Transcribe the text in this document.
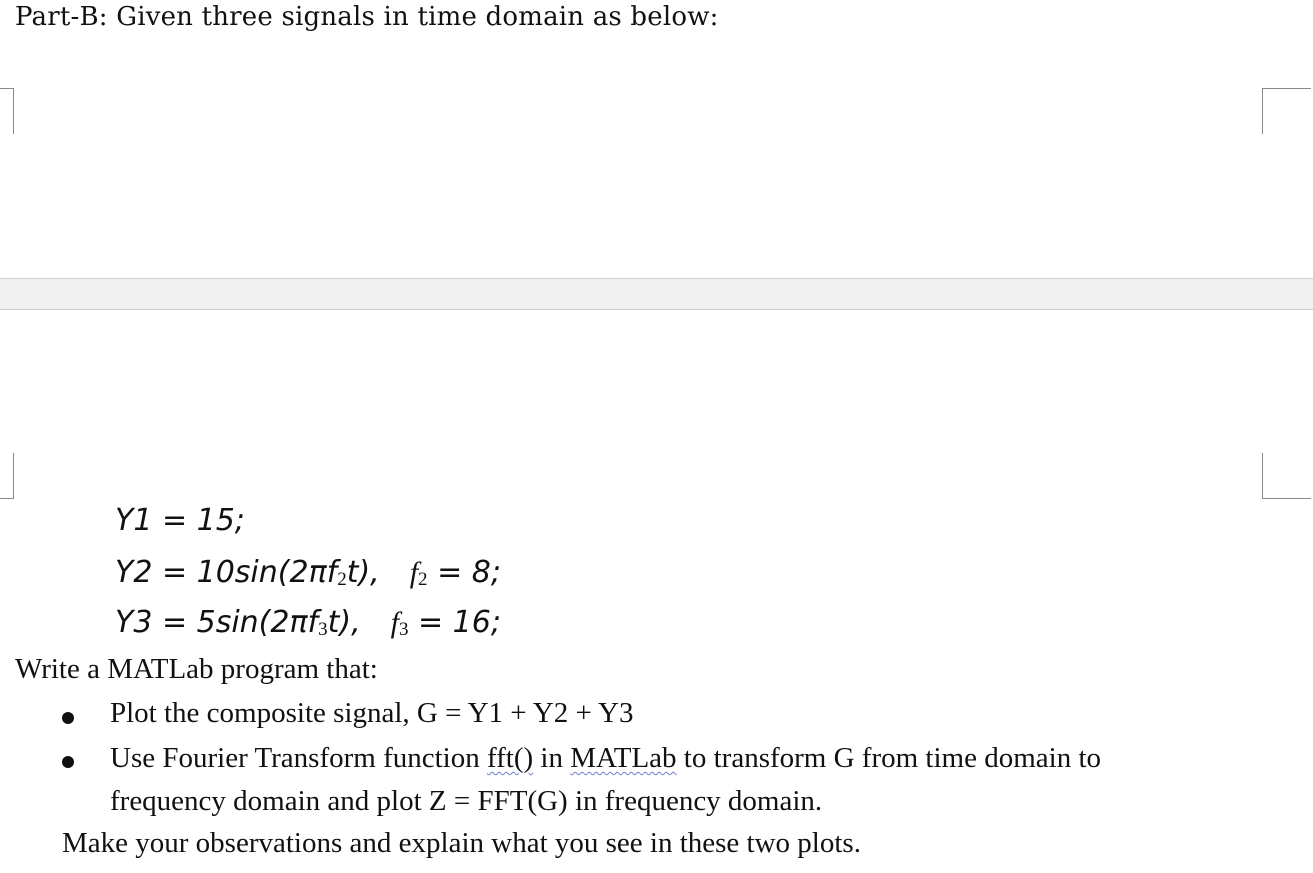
Part-B: Given three signals in time domain as below:
Y1 = 15;
Y2 = 10sin(2πf2t), f2 = 8;
Y3 = 5sin(2πf3t), f3 = 16;
Write a MATLab program that:
Plot the composite signal, G = Y1 + Y2 + Y3
Use Fourier Transform function fft() in MATLab to transform G from time domain to
frequency domain and plot Z = FFT(G) in frequency domain.
Make your observations and explain what you see in these two plots.
